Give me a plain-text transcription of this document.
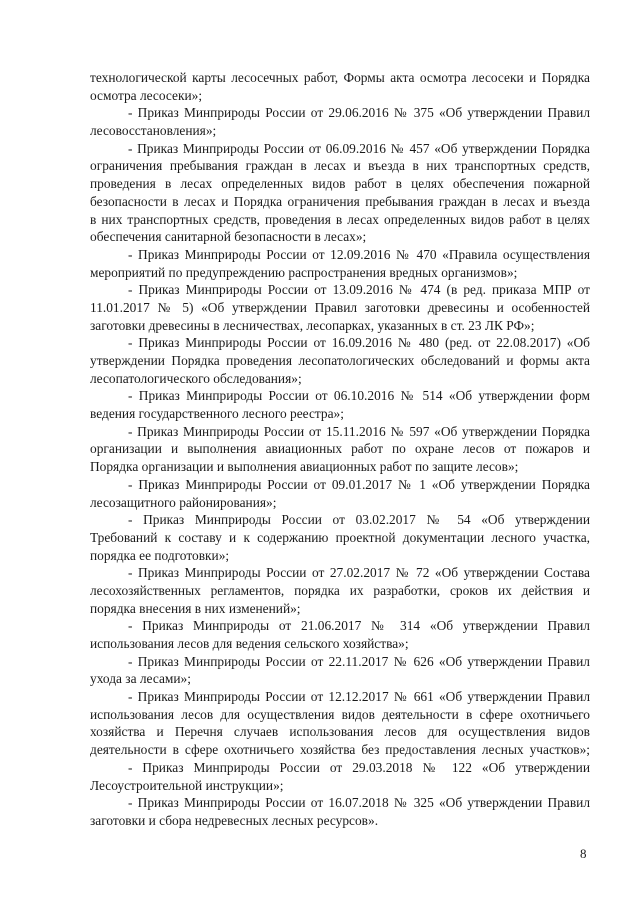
технологической карты лесосечных работ, Формы акта осмотра лесосеки и Порядка
осмотра лесосеки»;
- Приказ Минприроды России от 29.06.2016 № 375 «Об утверждении Правил
лесовосстановления»;
- Приказ Минприроды России от 06.09.2016 № 457 «Об утверждении Порядка
ограничения пребывания граждан в лесах и въезда в них транспортных средств,
проведения в лесах определенных видов работ в целях обеспечения пожарной
безопасности в лесах и Порядка ограничения пребывания граждан в лесах и въезда
в них транспортных средств, проведения в лесах определенных видов работ в целях
обеспечения санитарной безопасности в лесах»;
- Приказ Минприроды России от 12.09.2016 № 470 «Правила осуществления
мероприятий по предупреждению распространения вредных организмов»;
- Приказ Минприроды России от 13.09.2016 № 474 (в ред. приказа МПР от
11.01.2017 № 5) «Об утверждении Правил заготовки древесины и особенностей
заготовки древесины в лесничествах, лесопарках, указанных в ст. 23 ЛК РФ»;
- Приказ Минприроды России от 16.09.2016 № 480 (ред. от 22.08.2017) «Об
утверждении Порядка проведения лесопатологических обследований и формы акта
лесопатологического обследования»;
- Приказ Минприроды России от 06.10.2016 № 514 «Об утверждении форм
ведения государственного лесного реестра»;
- Приказ Минприроды России от 15.11.2016 № 597 «Об утверждении Порядка
организации и выполнения авиационных работ по охране лесов от пожаров и
Порядка организации и выполнения авиационных работ по защите лесов»;
- Приказ Минприроды России от 09.01.2017 № 1 «Об утверждении Порядка
лесозащитного районирования»;
- Приказ Минприроды России от 03.02.2017 № 54 «Об утверждении
Требований к составу и к содержанию проектной документации лесного участка,
порядка ее подготовки»;
- Приказ Минприроды России от 27.02.2017 № 72 «Об утверждении Состава
лесохозяйственных регламентов, порядка их разработки, сроков их действия и
порядка внесения в них изменений»;
- Приказ Минприроды от 21.06.2017 № 314 «Об утверждении Правил
использования лесов для ведения сельского хозяйства»;
- Приказ Минприроды России от 22.11.2017 № 626 «Об утверждении Правил
ухода за лесами»;
- Приказ Минприроды России от 12.12.2017 № 661 «Об утверждении Правил
использования лесов для осуществления видов деятельности в сфере охотничьего
хозяйства и Перечня случаев использования лесов для осуществления видов
деятельности в сфере охотничьего хозяйства без предоставления лесных участков»;
- Приказ Минприроды России от 29.03.2018 № 122 «Об утверждении
Лесоустроительной инструкции»;
- Приказ Минприроды России от 16.07.2018 № 325 «Об утверждении Правил
заготовки и сбора недревесных лесных ресурсов».
8
